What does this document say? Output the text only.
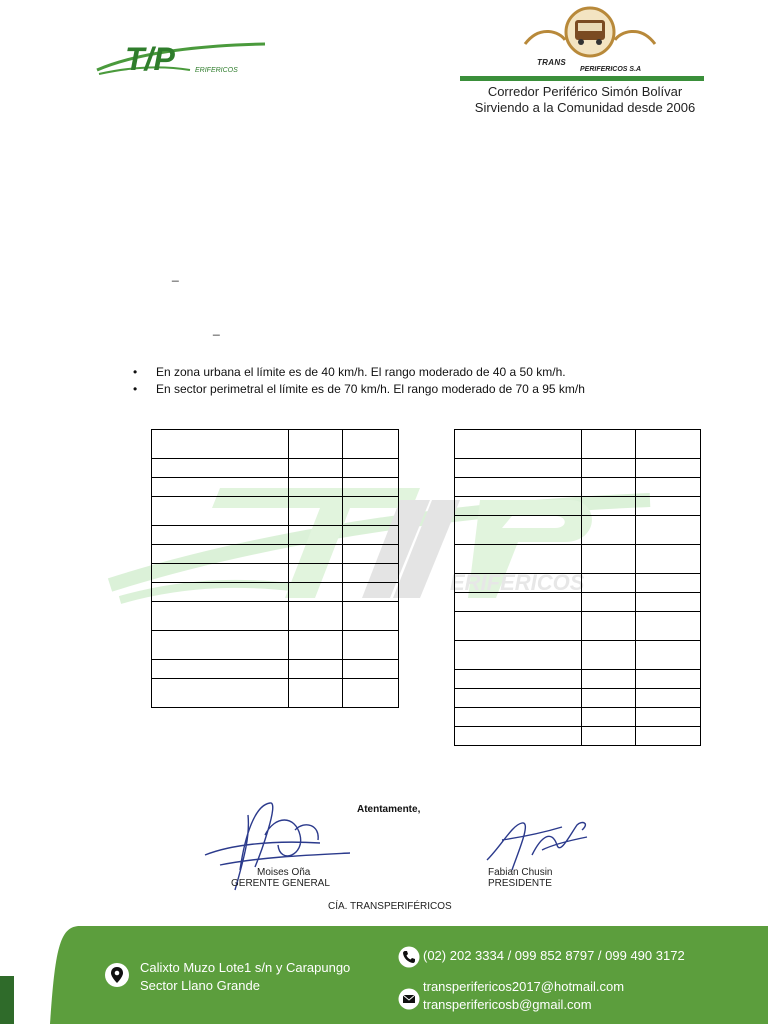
T/P	ERIFERICOS
TRANS
PERIFERICOS S.A
Corredor Periférico Simón Bolívar
Sirviendo a la Comunidad desde 2006
_
_
• En zona urbana el límite es de 40 km/h. El rango moderado de 40 a 50 km/h.
• En sector perimetral el límite es de 70 km/h. El rango moderado de 70 a 95 km/h
ERIFERICOS

Atentamente,
Moises Oña
GERENTE GENERAL
Fabian Chusin
PRESIDENTE
CÍA. TRANSPERIFÉRICOS
Calixto Muzo Lote1 s/n y Carapungo
Sector Llano Grande
(02) 202 3334 / 099 852 8797 / 099 490 3172
transperifericos2017@hotmail.com
transperifericosb@gmail.com
